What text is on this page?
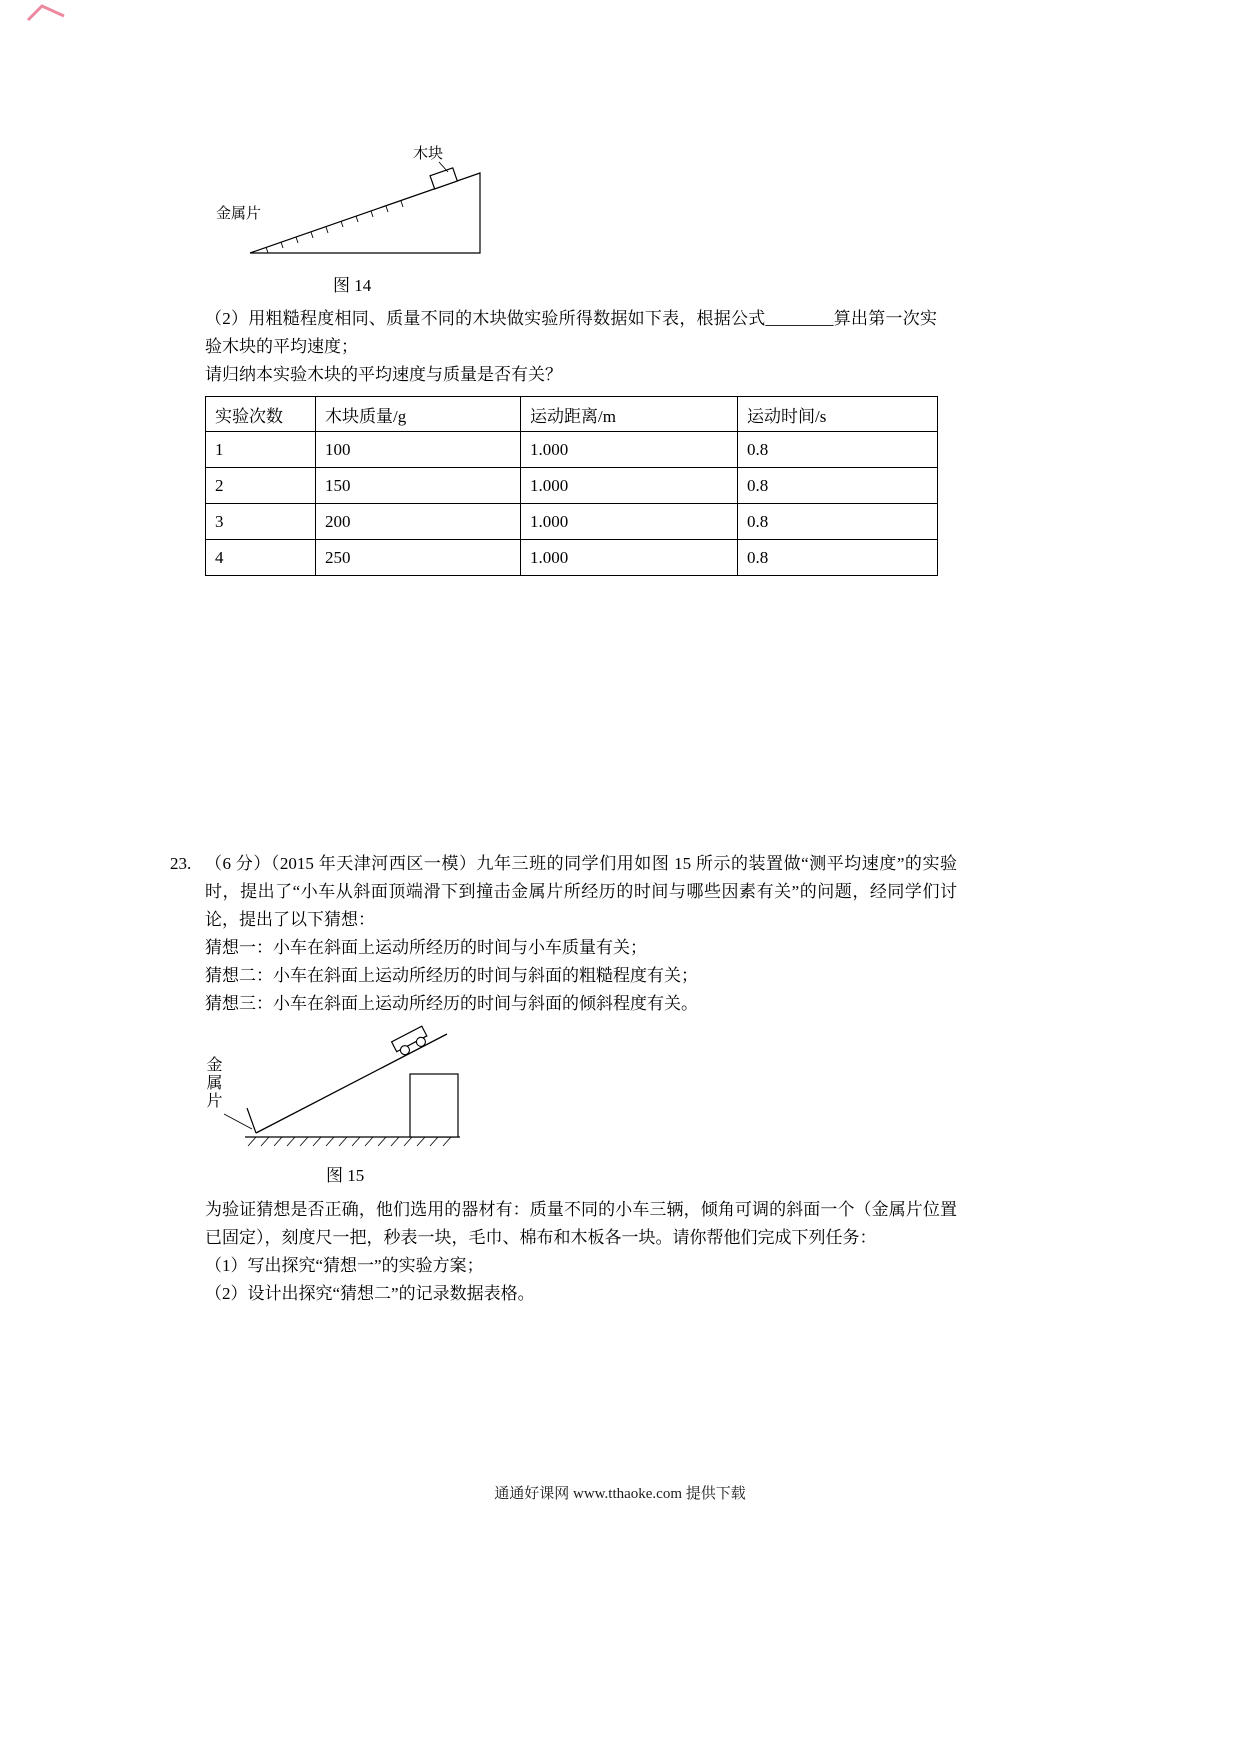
木块
金属片
图 14
（2）用粗糙程度相同、质量不同的木块做实验所得数据如下表，根据公式________算出第一次实验木块的平均速度；
请归纳本实验木块的平均速度与质量是否有关？
实验次数	木块质量/g	运动距离/m	运动时间/s
1	100	1.000	0.8
2	150	1.000	0.8
3	200	1.000	0.8
4	250	1.000	0.8
23. （6 分）（2015 年天津河西区一模）九年三班的同学们用如图 15 所示的装置做“测平均速度”的实验时，提出了“小车从斜面顶端滑下到撞击金属片所经历的时间与哪些因素有关”的问题，经同学们讨论，提出了以下猜想：
猜想一：小车在斜面上运动所经历的时间与小车质量有关；
猜想二：小车在斜面上运动所经历的时间与斜面的粗糙程度有关；
猜想三：小车在斜面上运动所经历的时间与斜面的倾斜程度有关。
金属片
图 15
为验证猜想是否正确，他们选用的器材有：质量不同的小车三辆，倾角可调的斜面一个（金属片位置已固定），刻度尺一把，秒表一块，毛巾、棉布和木板各一块。请你帮他们完成下列任务：
（1）写出探究“猜想一”的实验方案；
（2）设计出探究“猜想二”的记录数据表格。
通通好课网 www.tthaoke.com 提供下载
